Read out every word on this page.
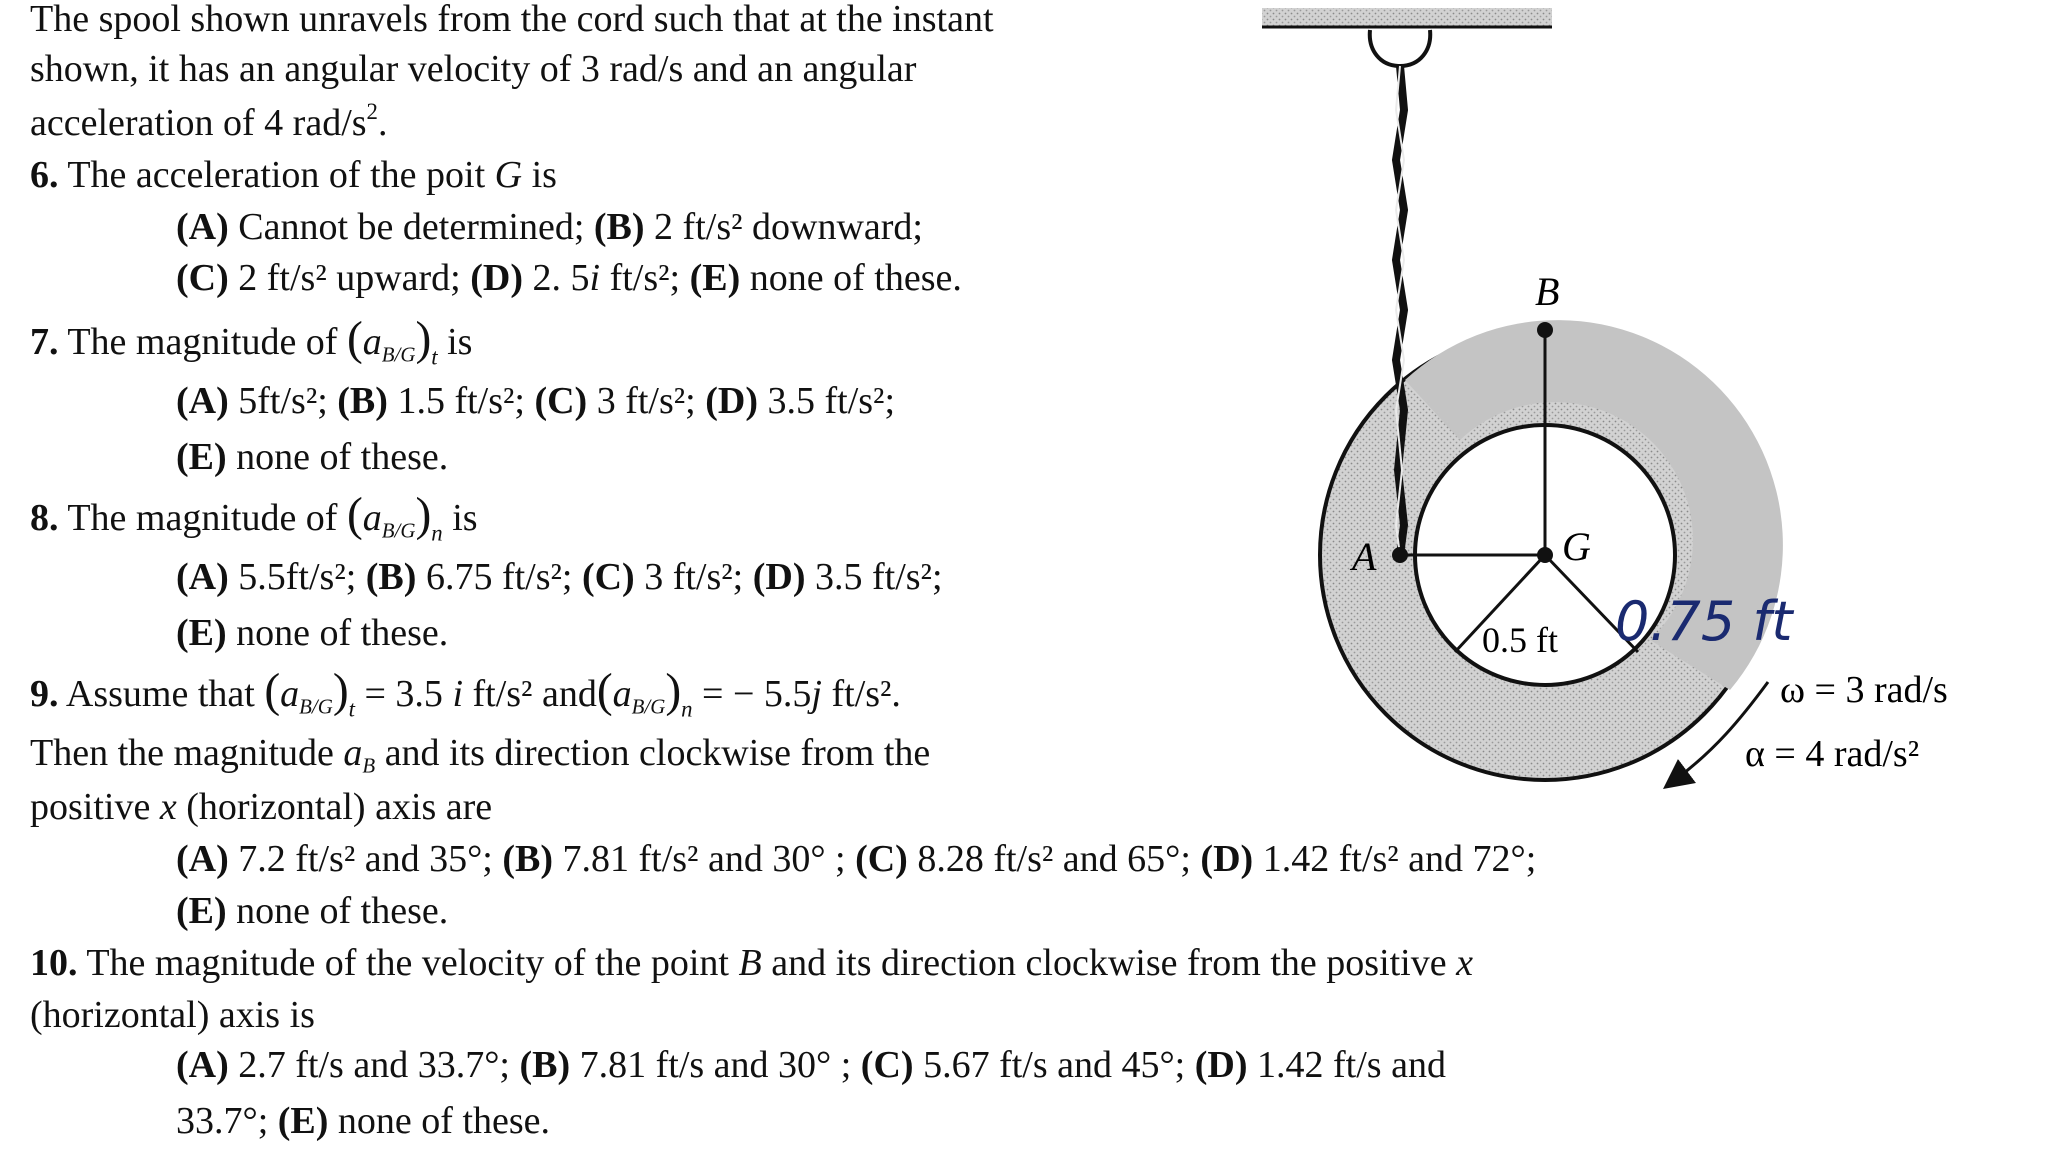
The spool shown unravels from the cord such that at the instant
shown, it has an angular velocity of 3 rad/s and an angular
acceleration of 4 rad/$s^2$.
6. The acceleration of the poit G is
(A) Cannot be determined; (B) 2 ft/s² downward;
(C) 2 ft/s² upward; (D) 2. 5i ft/s²; (E) none of these.
7. The magnitude of $(aB/G)_t$ is
(A) 5ft/s²; (B) 1.5 ft/s²; (C) 3 ft/s²; (D) 3.5 ft/s²;
(E) none of these.
8. The magnitude of $(aB/G)_n$ is
(A) 5.5ft/s²; (B) 6.75 ft/s²; (C) 3 ft/s²; (D) 3.5 ft/s²;
(E) none of these.
9. Assume that $(aB/G)_t = 3.5$ i ft/s² $and(aB/G)_n$ = − 5.5j ft/s².
Then the magnitude aB and its direction clockwise from the
positive x (horizontal) axis are
(A) 7.2 ft/s² and 35°; (B) 7.81 ft/s² and 30° ; (C) 8.28 ft/s² and 65°; (D) 1.42 ft/s² and 72°;
(E) none of these.
10. The magnitude of the velocity of the point B and its direction clockwise from the positive x
(horizontal) axis is
(A) 2.7 ft/s and 33.7°; (B) 7.81 ft/s and 30° ; (C) 5.67 ft/s and 45°; (D) 1.42 ft/s and
33.7°; (E) none of these.
B
A	G
0.5 ft 0.75 ft
ω = 3 rad/s
α = 4 rad/s²
